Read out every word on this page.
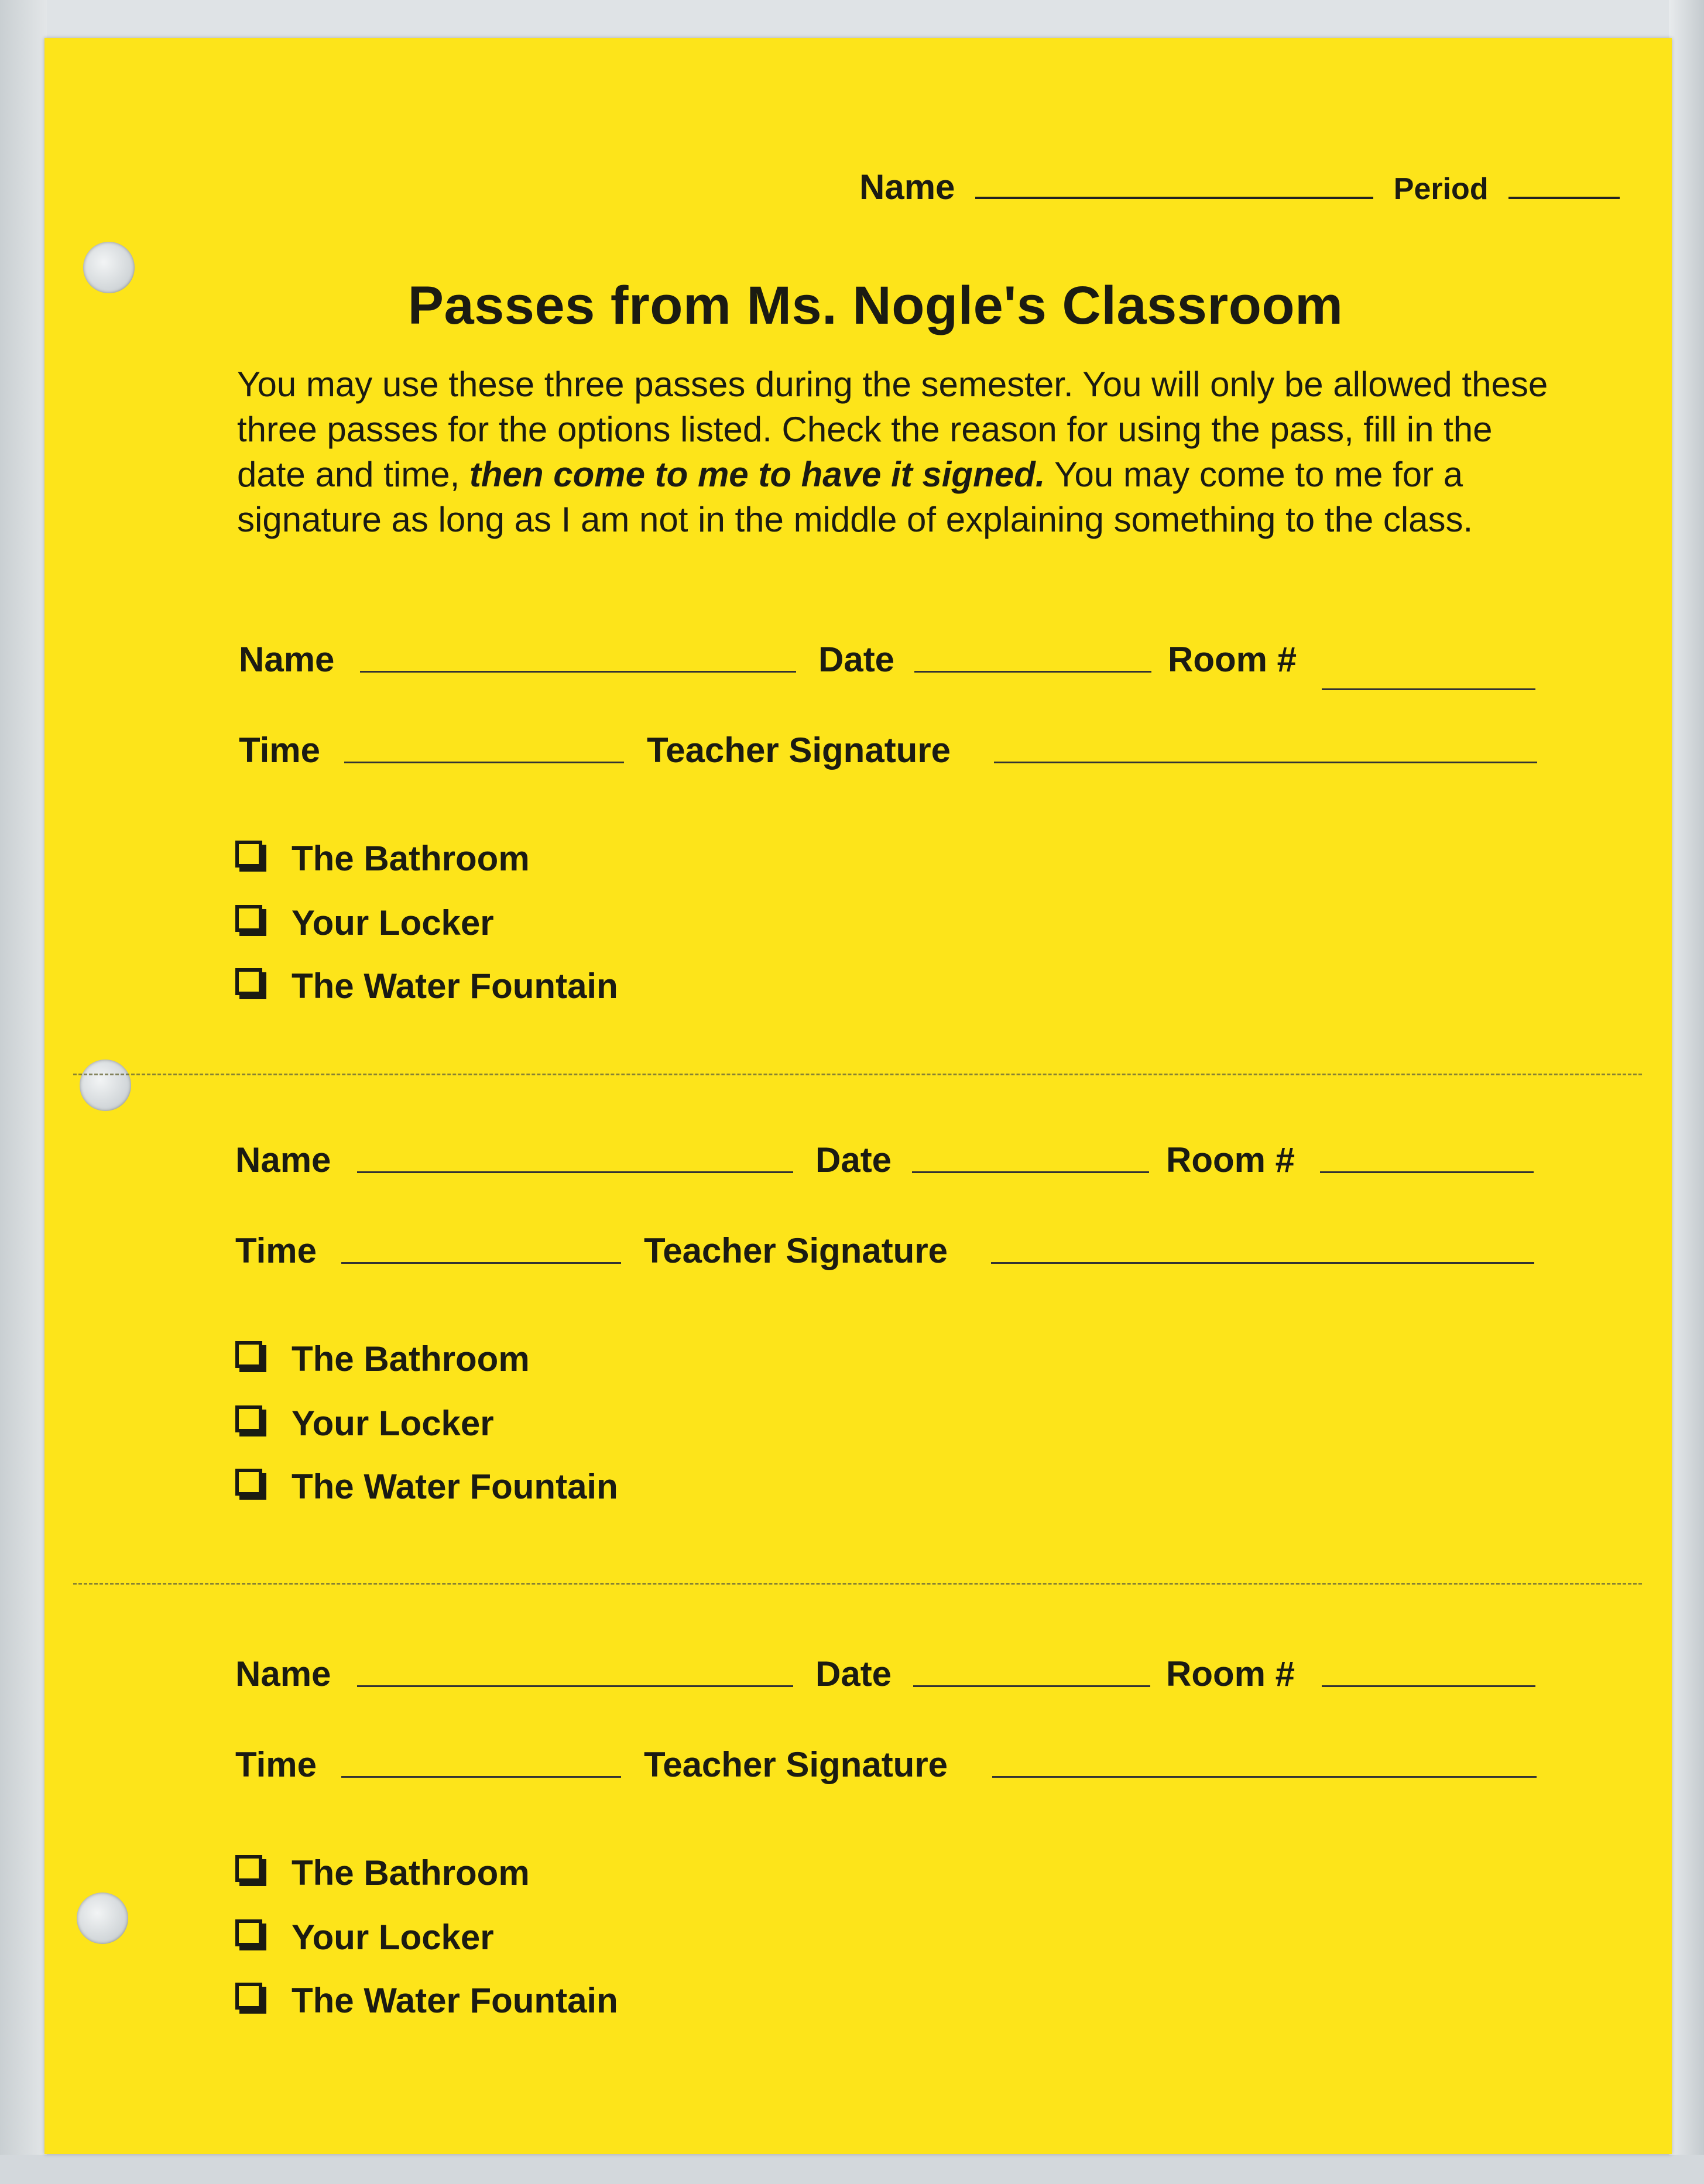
Name	Period
Passes from Ms. Nogle's Classroom
You may use these three passes during the semester. You will only be allowed these three passes for the options listed. Check the reason for using the pass, fill in the date and time, then come to me to have it signed. You may come to me for a signature as long as I am not in the middle of explaining something to the class.
Name	Date	Room #
Time	Teacher Signature
The Bathroom
Your Locker
The Water Fountain
Name	Date	Room #
Time	Teacher Signature
The Bathroom
Your Locker
The Water Fountain
Name	Date	Room #
Time	Teacher Signature
The Bathroom
Your Locker
The Water Fountain
